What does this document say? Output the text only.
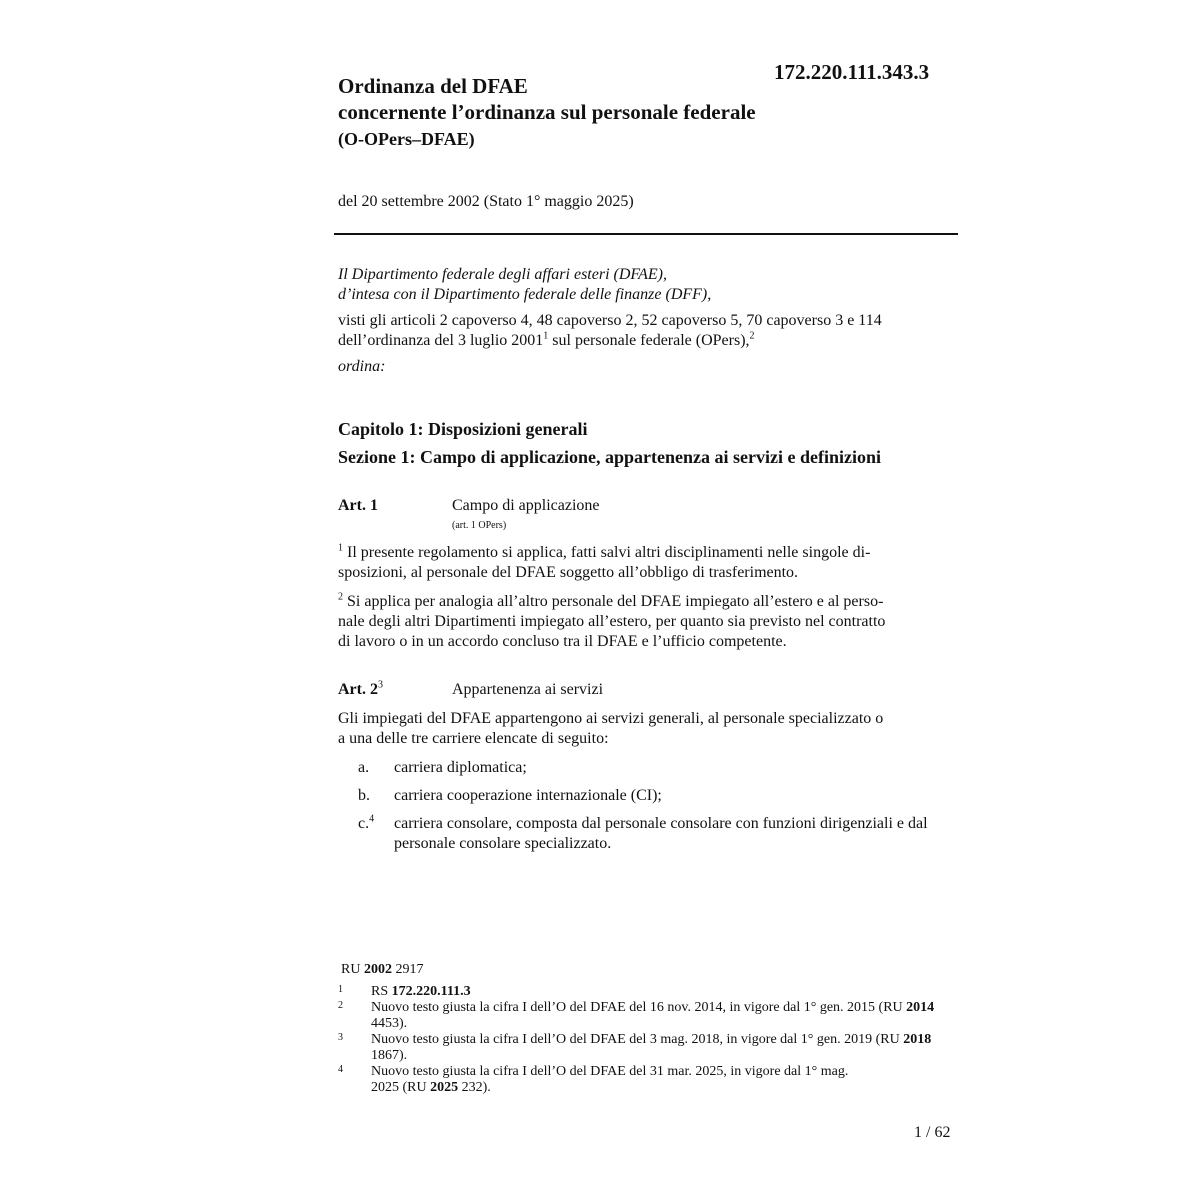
172.220.111.343.3
Ordinanza del DFAE
concernente l’ordinanza sul personale federale
(O-OPers–DFAE)
del 20 settembre 2002 (Stato 1° maggio 2025)
Il Dipartimento federale degli affari esteri (DFAE),
d’intesa con il Dipartimento federale delle finanze (DFF),
visti gli articoli 2 capoverso 4, 48 capoverso 2, 52 capoverso 5, 70 capoverso 3 e 114
dell’ordinanza del 3 luglio 2001$^1$ sul personale federale (OPers),$^2$
ordina:
Capitolo 1: Disposizioni generali
Sezione 1: Campo di applicazione, appartenenza ai servizi e definizioni
Art. 1	Campo di applicazione
(art. 1 OPers)
$^1$ Il presente regolamento si applica, fatti salvi altri disciplinamenti nelle singole di-
sposizioni, al personale del DFAE soggetto all’obbligo di trasferimento.
$^2$ Si applica per analogia all’altro personale del DFAE impiegato all’estero e al perso-
nale degli altri Dipartimenti impiegato all’estero, per quanto sia previsto nel contratto
di lavoro o in un accordo concluso tra il DFAE e l’ufficio competente.
Art. $2^3$	Appartenenza ai servizi
Gli impiegati del DFAE appartengono ai servizi generali, al personale specializzato o
a una delle tre carriere elencate di seguito:
a. carriera diplomatica;
b. carriera cooperazione internazionale (CI);
c.$^4$ carriera consolare, composta dal personale consolare con funzioni dirigenziali e dal personale consolare specializzato.
RU 2002 2917
1 RS 172.220.111.3
2 Nuovo testo giusta la cifra I dell’O del DFAE del 16 nov. 2014, in vigore dal 1° gen. 2015 (RU 2014 4453).
3 Nuovo testo giusta la cifra I dell’O del DFAE del 3 mag. 2018, in vigore dal 1° gen. 2019 (RU 2018 1867).
4 Nuovo testo giusta la cifra I dell’O del DFAE del 31 mar. 2025, in vigore dal 1° mag. 2025 (RU 2025 232).
1 / 62
